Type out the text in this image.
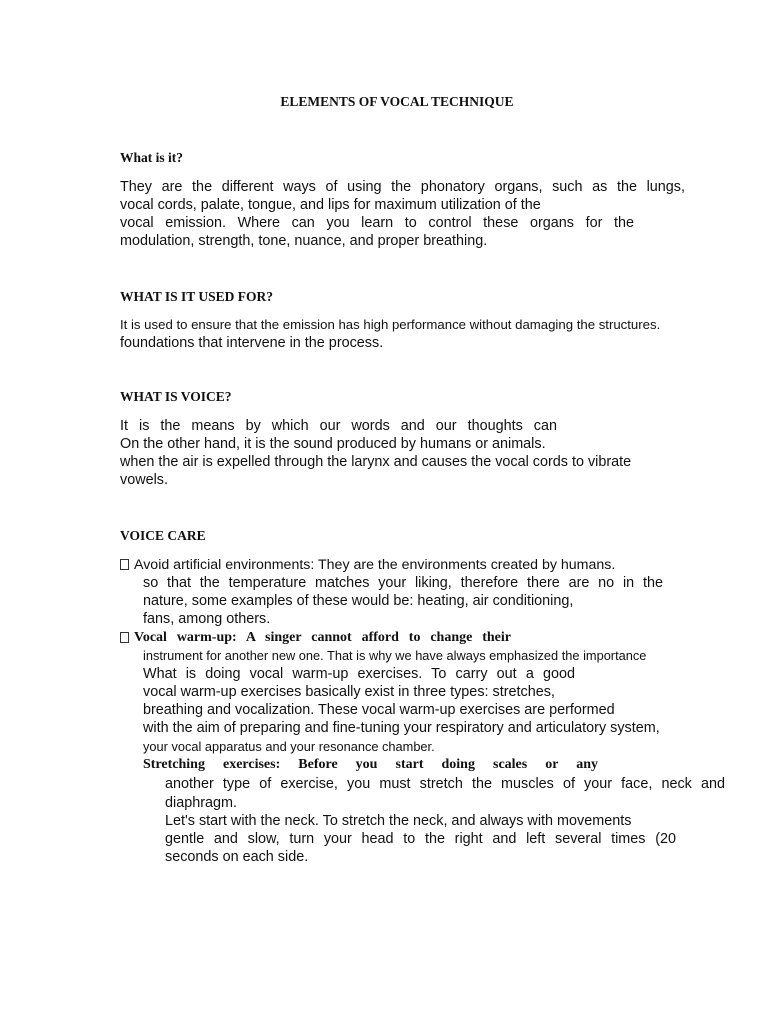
ELEMENTS OF VOCAL TECHNIQUE
What is it?
They are the different ways of using the phonatory organs, such as the lungs,
vocal cords, palate, tongue, and lips for maximum utilization of the
vocal emission. Where can you learn to control these organs for the
modulation, strength, tone, nuance, and proper breathing.
WHAT IS IT USED FOR?
It is used to ensure that the emission has high performance without damaging the structures.
foundations that intervene in the process.
WHAT IS VOICE?
It is the means by which our words and our thoughts can
On the other hand, it is the sound produced by humans or animals.
when the air is expelled through the larynx and causes the vocal cords to vibrate
vowels.
VOICE CARE
Avoid artificial environments: They are the environments created by humans.
so that the temperature matches your liking, therefore there are no in the
nature, some examples of these would be: heating, air conditioning,
fans, among others.
Vocal warm-up: A singer cannot afford to change their
instrument for another new one. That is why we have always emphasized the importance
What is doing vocal warm-up exercises. To carry out a good
vocal warm-up exercises basically exist in three types: stretches,
breathing and vocalization. These vocal warm-up exercises are performed
with the aim of preparing and fine-tuning your respiratory and articulatory system,
your vocal apparatus and your resonance chamber.
Stretching exercises: Before you start doing scales or any
another type of exercise, you must stretch the muscles of your face, neck and
diaphragm.
Let's start with the neck. To stretch the neck, and always with movements
gentle and slow, turn your head to the right and left several times (20
seconds on each side.
